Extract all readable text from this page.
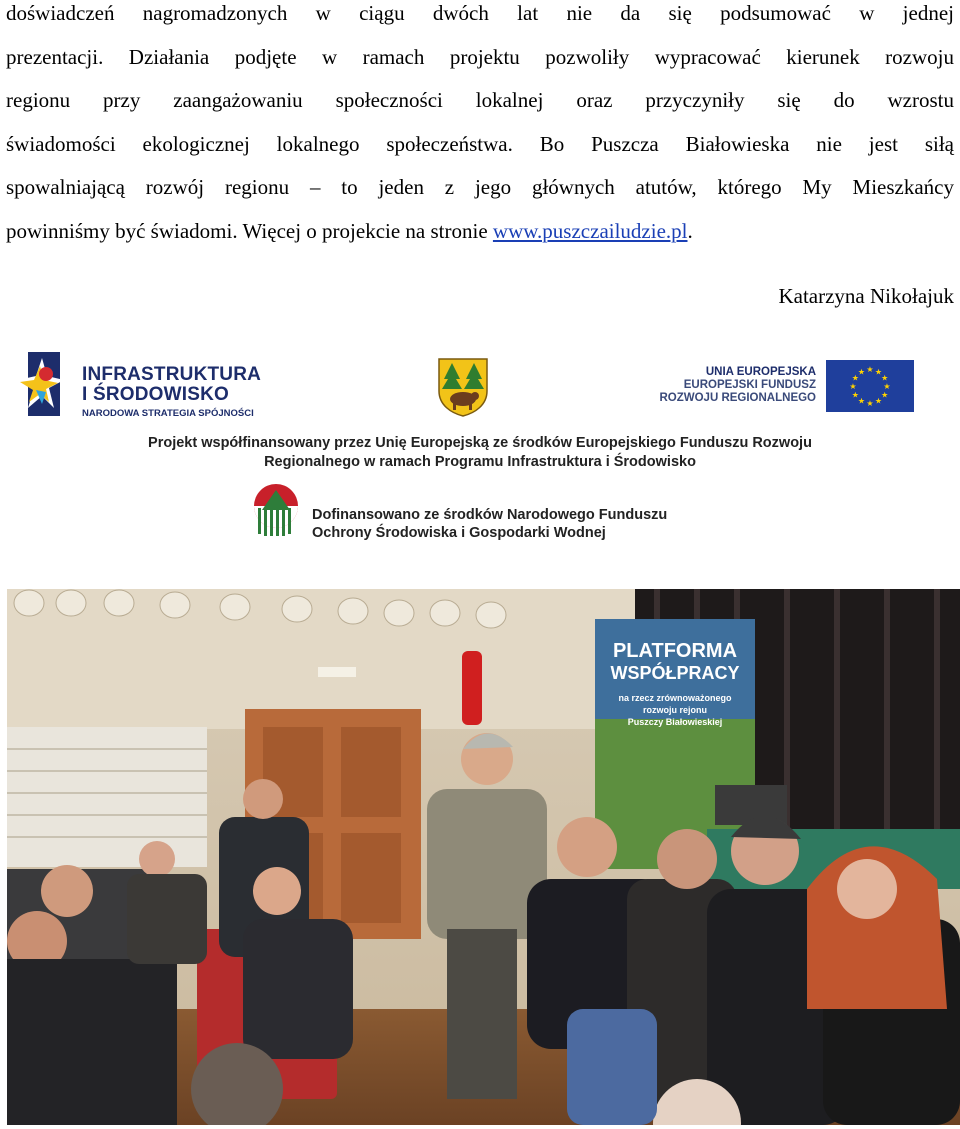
doświadczeń nagromadzonych w ciągu dwóch lat nie da się podsumować w jednej
prezentacji. Działania podjęte w ramach projektu pozwoliły wypracować kierunek rozwoju
regionu przy zaangażowaniu społeczności lokalnej oraz przyczyniły się do wzrostu
świadomości ekologicznej lokalnego społeczeństwa. Bo Puszcza Białowieska nie jest siłą
spowalniającą rozwój regionu – to jeden z jego głównych atutów, którego My Mieszkańcy
powinniśmy być świadomi. Więcej o projekcie na stronie www.puszczailudzie.pl.
Katarzyna Nikołajuk
INFRASTRUKTURA
I ŚRODOWISKO
NARODOWA STRATEGIA SPÓJNOŚCI
UNIA EUROPEJSKA
EUROPEJSKI FUNDUSZ
ROZWOJU REGIONALNEGO
★ ★
★
★
★
★
★
★
★
★
★
★
Projekt współfinansowany przez Unię Europejską ze środków Europejskiego Funduszu Rozwoju
Regionalnego w ramach Programu Infrastruktura i Środowisko
Dofinansowano ze środków Narodowego Funduszu
Ochrony Środowiska i Gospodarki Wodnej
PLATFORMA
WSPÓŁPRACY
na rzecz zrównoważonego
rozwoju rejonu
Puszczy Białowieskiej
